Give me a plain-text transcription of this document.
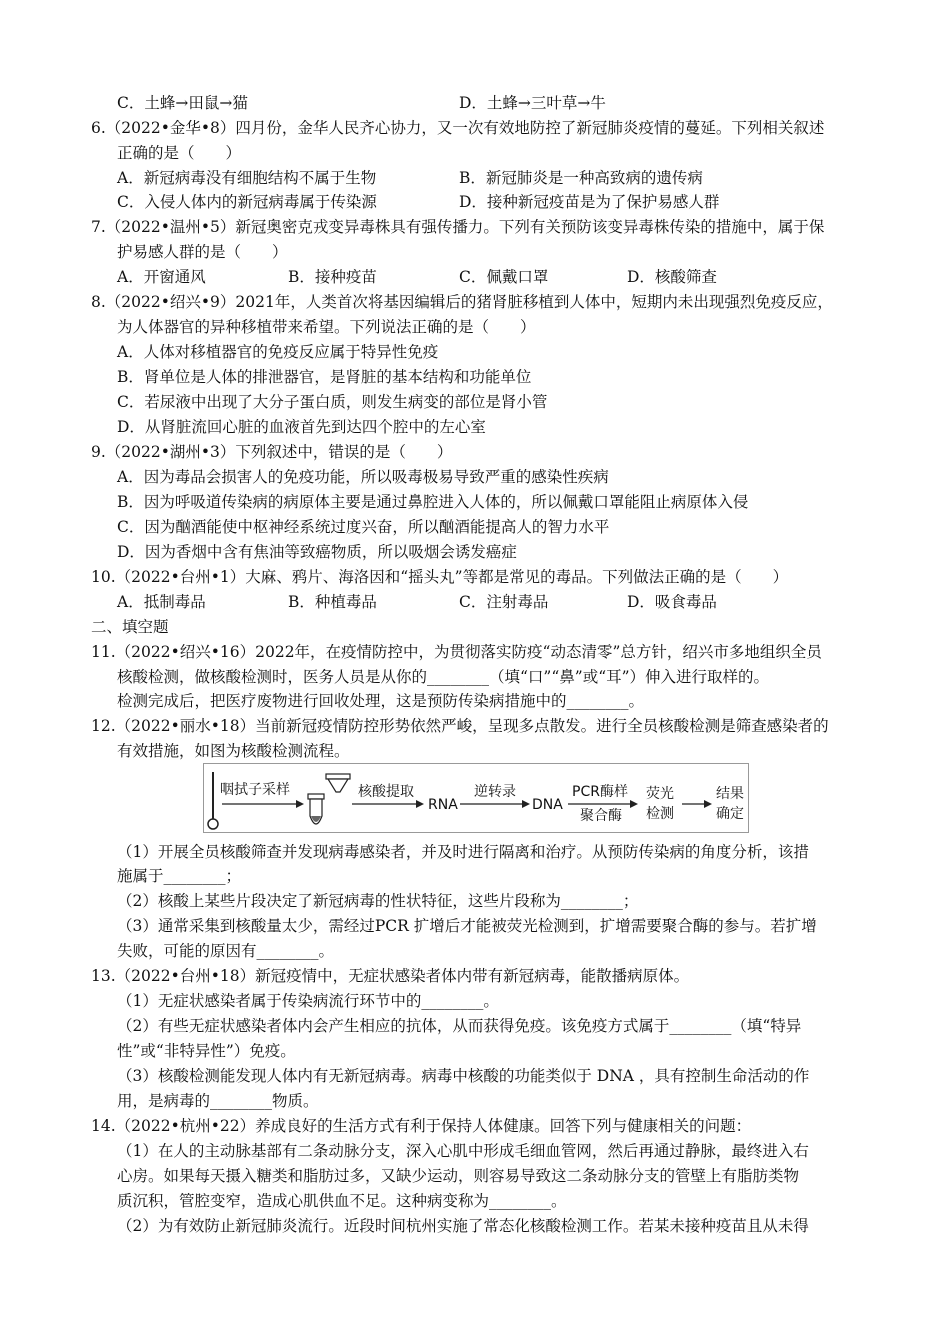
C．土蜂→田鼠→猫	D．土蜂→三叶草→牛
6.（2022•金华•8）四月份，金华人民齐心协力，又一次有效地防控了新冠肺炎疫情的蔓延。下列相关叙述
正确的是（　　）
A．新冠病毒没有细胞结构不属于生物	B．新冠肺炎是一种高致病的遗传病
C．入侵人体内的新冠病毒属于传染源	D．接种新冠疫苗是为了保护易感人群
7.（2022•温州•5）新冠奥密克戎变异毒株具有强传播力。下列有关预防该变异毒株传染的措施中，属于保
护易感人群的是（　　）
A．开窗通风	B．接种疫苗	C．佩戴口罩	D．核酸筛查
8.（2022•绍兴•9）2021年，人类首次将基因编辑后的猪肾脏移植到人体中，短期内未出现强烈免疫反应，
为人体器官的异种移植带来希望。下列说法正确的是（　　）
A．人体对移植器官的免疫反应属于特异性免疫
B．肾单位是人体的排泄器官，是肾脏的基本结构和功能单位
C．若尿液中出现了大分子蛋白质，则发生病变的部位是肾小管
D．从肾脏流回心脏的血液首先到达四个腔中的左心室
9.（2022•湖州•3）下列叙述中，错误的是（　　）
A．因为毒品会损害人的免疫功能，所以吸毒极易导致严重的感染性疾病
B．因为呼吸道传染病的病原体主要是通过鼻腔进入人体的，所以佩戴口罩能阻止病原体入侵
C．因为酗酒能使中枢神经系统过度兴奋，所以酗酒能提高人的智力水平
D．因为香烟中含有焦油等致癌物质，所以吸烟会诱发癌症
10.（2022•台州•1）大麻、鸦片、海洛因和“摇头丸”等都是常见的毒品。下列做法正确的是（　　）
A．抵制毒品	B．种植毒品	C．注射毒品	D．吸食毒品
二、填空题
11.（2022•绍兴•16）2022年，在疫情防控中，为贯彻落实防疫“动态清零”总方针，绍兴市多地组织全员
核酸检测，做核酸检测时，医务人员是从你的________（填“口”“鼻”或“耳”）伸入进行取样的。
检测完成后，把医疗废物进行回收处理，这是预防传染病措施中的________。
12.（2022•丽水•18）当前新冠疫情防控形势依然严峻，呈现多点散发。进行全员核酸检测是筛查感染者的
有效措施，如图为核酸检测流程。
咽拭子采样	核酸提取
RNA
逆转录
DNA
PCR酶样
聚合酶
荧光
检测
结果
确定
（1）开展全员核酸筛查并发现病毒感染者，并及时进行隔离和治疗。从预防传染病的角度分析，该措
施属于________；
（2）核酸上某些片段决定了新冠病毒的性状特征，这些片段称为________；
（3）通常采集到核酸量太少，需经过PCR 扩增后才能被荧光检测到，扩增需要聚合酶的参与。若扩增
失败，可能的原因有________。
13.（2022•台州•18）新冠疫情中，无症状感染者体内带有新冠病毒，能散播病原体。
（1）无症状感染者属于传染病流行环节中的________。
（2）有些无症状感染者体内会产生相应的抗体，从而获得免疫。该免疫方式属于________（填“特异
性”或“非特异性”）免疫。
（3）核酸检测能发现人体内有无新冠病毒。病毒中核酸的功能类似于 DNA ，具有控制生命活动的作
用，是病毒的________物质。
14.（2022•杭州•22）养成良好的生活方式有利于保持人体健康。回答下列与健康相关的问题：
（1）在人的主动脉基部有二条动脉分支，深入心肌中形成毛细血管网，然后再通过静脉，最终进入右
心房。如果每天摄入糖类和脂肪过多，又缺少运动，则容易导致这二条动脉分支的管壁上有脂肪类物
质沉积，管腔变窄，造成心肌供血不足。这种病变称为________。
（2）为有效防止新冠肺炎流行。近段时间杭州实施了常态化核酸检测工作。若某未接种疫苗且从未得
